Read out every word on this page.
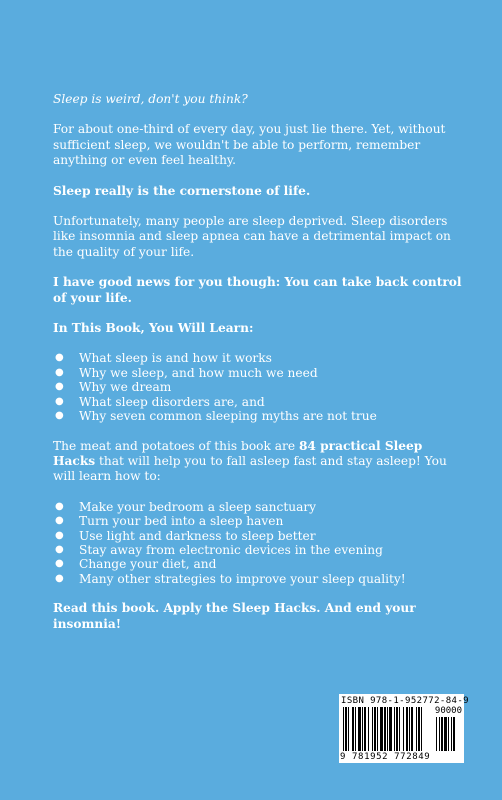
Sleep is weird, don't you think?

For about one-third of every day, you just lie there. Yet, without sufficient sleep, we wouldn't be able to perform, remember anything or even feel healthy.

Sleep really is the cornerstone of life.

Unfortunately, many people are sleep deprived. Sleep disorders like insomnia and sleep apnea can have a detrimental impact on the quality of your life.

I have good news for you though: You can take back control of your life.

In This Book, You Will Learn:

● What sleep is and how it works
● Why we sleep, and how much we need
● Why we dream
● What sleep disorders are, and
● Why seven common sleeping myths are not true

The meat and potatoes of this book are 84 practical Sleep Hacks that will help you to fall asleep fast and stay asleep! You will learn how to:

● Make your bedroom a sleep sanctuary
● Turn your bed into a sleep haven
● Use light and darkness to sleep better
● Stay away from electronic devices in the evening
● Change your diet, and
● Many other strategies to improve your sleep quality!

Read this book. Apply the Sleep Hacks. And end your insomnia!

ISBN 978-1-952772-84-9
90000
9 781952 772849
